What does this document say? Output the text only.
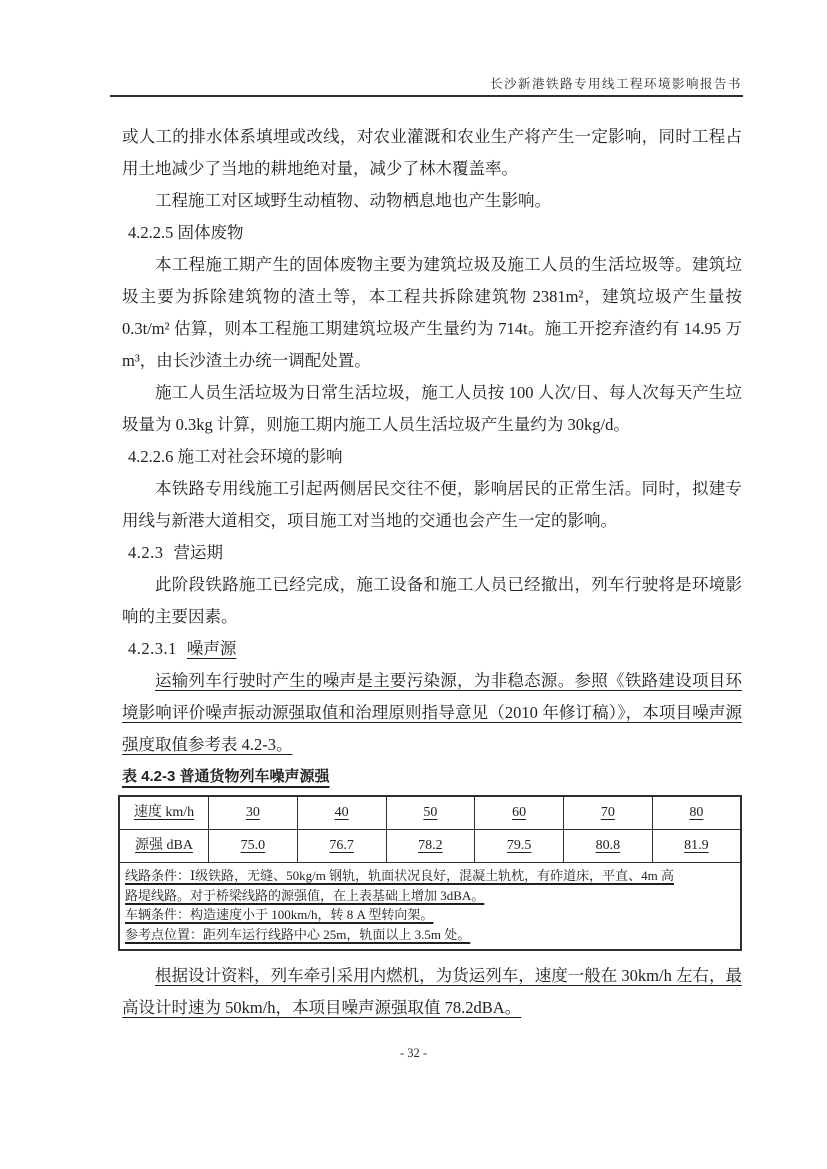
长沙新港铁路专用线工程环境影响报告书

或人工的排水体系填埋或改线，对农业灌溉和农业生产将产生一定影响，同时工程占用土地减少了当地的耕地绝对量，减少了林木覆盖率。

工程施工对区域野生动植物、动物栖息地也产生影响。

4.2.2.5 固体废物

本工程施工期产生的固体废物主要为建筑垃圾及施工人员的生活垃圾等。建筑垃圾主要为拆除建筑物的渣土等，本工程共拆除建筑物 2381m²，建筑垃圾产生量按 0.3t/m² 估算，则本工程施工期建筑垃圾产生量约为 714t。施工开挖弃渣约有 14.95 万 m³，由长沙渣土办统一调配处置。

施工人员生活垃圾为日常生活垃圾，施工人员按 100 人次/日、每人次每天产生垃圾量为 0.3kg 计算，则施工期内施工人员生活垃圾产生量约为 30kg/d。

4.2.2.6 施工对社会环境的影响

本铁路专用线施工引起两侧居民交往不便，影响居民的正常生活。同时，拟建专用线与新港大道相交，项目施工对当地的交通也会产生一定的影响。

4.2.3 营运期

此阶段铁路施工已经完成，施工设备和施工人员已经撤出，列车行驶将是环境影响的主要因素。

4.2.3.1 噪声源

运输列车行驶时产生的噪声是主要污染源，为非稳态源。参照《铁路建设项目环境影响评价噪声振动源强取值和治理原则指导意见（2010 年修订稿）》，本项目噪声源强度取值参考表 4.2-3。

表 4.2-3 普通货物列车噪声源强
速度 km/h	30	40	50	60	70	80
源强 dBA	75.0	76.7	78.2	79.5	80.8	81.9

线路条件：Ⅰ级铁路，无缝、50kg/m 钢轨，轨面状况良好，混凝土轨枕，有砟道床，平直、4m 高
路堤线路。对于桥梁线路的源强值，在上表基础上增加 3dBA。
车辆条件：构造速度小于 100km/h，转 8 A 型转向架。
参考点位置：距列车运行线路中心 25m，轨面以上 3.5m 处。						

根据设计资料，列车牵引采用内燃机，为货运列车，速度一般在 30km/h 左右，最高设计时速为 50km/h，本项目噪声源强取值 78.2dBA。

- 32 -
